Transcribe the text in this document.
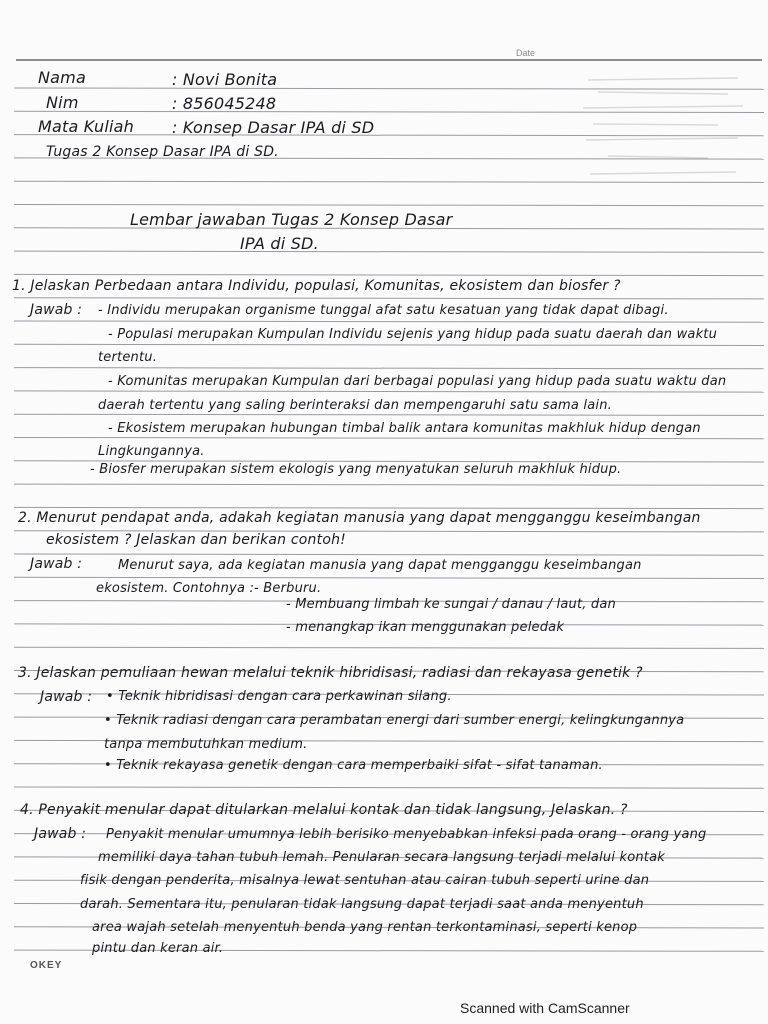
Date
Nama	: Novi Bonita
Nim	: 856045248
Mata Kuliah : Konsep Dasar IPA di SD
Tugas 2 Konsep Dasar IPA di SD.
Lembar jawaban Tugas 2 Konsep Dasar
IPA di SD.
1. Jelaskan Perbedaan antara Individu, populasi, Komunitas, ekosistem dan biosfer ?
Jawab : - Individu merupakan organisme tunggal afat satu kesatuan yang tidak dapat dibagi.
- Populasi merupakan Kumpulan Individu sejenis yang hidup pada suatu daerah dan waktu
tertentu.
- Komunitas merupakan Kumpulan dari berbagai populasi yang hidup pada suatu waktu dan
daerah tertentu yang saling berinteraksi dan mempengaruhi satu sama lain.
- Ekosistem merupakan hubungan timbal balik antara komunitas makhluk hidup dengan
Lingkungannya.
- Biosfer merupakan sistem ekologis yang menyatukan seluruh makhluk hidup.
2. Menurut pendapat anda, adakah kegiatan manusia yang dapat mengganggu keseimbangan
ekosistem ? Jelaskan dan berikan contoh!
Jawab :	Menurut saya, ada kegiatan manusia yang dapat mengganggu keseimbangan
ekosistem. Contohnya :- Berburu.
- Membuang limbah ke sungai / danau / laut, dan
- menangkap ikan menggunakan peledak
3. Jelaskan pemuliaan hewan melalui teknik hibridisasi, radiasi dan rekayasa genetik ?
Jawab : • Teknik hibridisasi dengan cara perkawinan silang.
• Teknik radiasi dengan cara perambatan energi dari sumber energi, kelingkungannya
tanpa membutuhkan medium.
• Teknik rekayasa genetik dengan cara memperbaiki sifat - sifat tanaman.
4. Penyakit menular dapat ditularkan melalui kontak dan tidak langsung, Jelaskan. ?
Jawab : Penyakit menular umumnya lebih berisiko menyebabkan infeksi pada orang - orang yang
memiliki daya tahan tubuh lemah. Penularan secara langsung terjadi melalui kontak
fisik dengan penderita, misalnya lewat sentuhan atau cairan tubuh seperti urine dan
darah. Sementara itu, penularan tidak langsung dapat terjadi saat anda menyentuh
area wajah setelah menyentuh benda yang rentan terkontaminasi, seperti kenop
pintu dan keran air.
OKEY
Scanned with CamScanner
